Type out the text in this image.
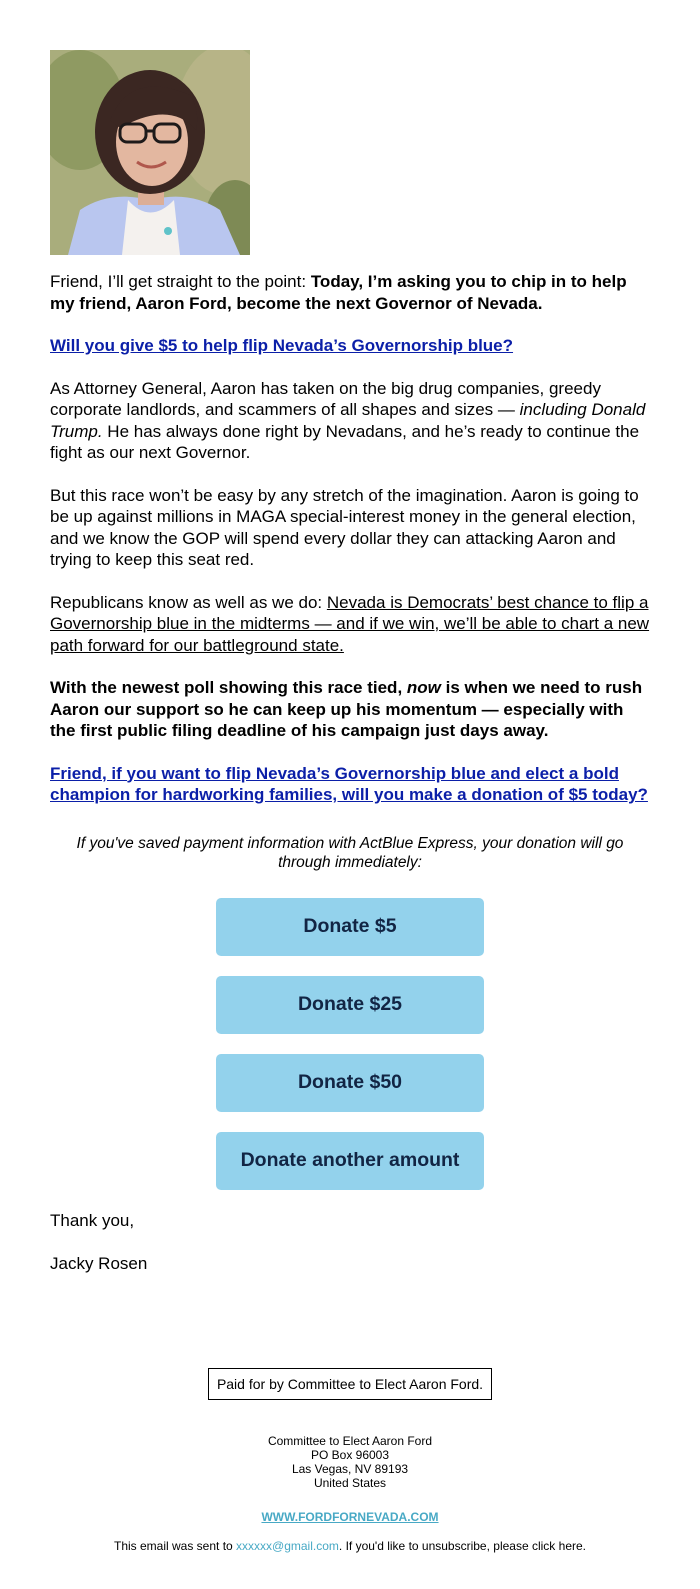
Friend, I’ll get straight to the point: Today, I’m asking you to chip in to help my friend, Aaron Ford, become the next Governor of Nevada.

Will you give $5 to help flip Nevada’s Governorship blue?

As Attorney General, Aaron has taken on the big drug companies, greedy corporate landlords, and scammers of all shapes and sizes — including Donald Trump. He has always done right by Nevadans, and he’s ready to continue the fight as our next Governor.

But this race won’t be easy by any stretch of the imagination. Aaron is going to be up against millions in MAGA special-interest money in the general election, and we know the GOP will spend every dollar they can attacking Aaron and trying to keep this seat red.

Republicans know as well as we do: Nevada is Democrats’ best chance to flip a Governorship blue in the midterms — and if we win, we’ll be able to chart a new path forward for our battleground state.

With the newest poll showing this race tied, now is when we need to rush Aaron our support so he can keep up his momentum — especially with the first public filing deadline of his campaign just days away.

Friend, if you want to flip Nevada’s Governorship blue and elect a bold champion for hardworking families, will you make a donation of $5 today?

If you've saved payment information with ActBlue Express, your donation will go through immediately:

Donate $5
Donate $25
Donate $50
Donate another amount

Thank you,

Jacky Rosen

Paid for by Committee to Elect Aaron Ford.
Committee to Elect Aaron Ford
PO Box 96003
Las Vegas, NV 89193
United States
WWW.FORDFORNEVADA.COM
This email was sent to xxxxxx@gmail.com. If you'd like to unsubscribe, please click here.
